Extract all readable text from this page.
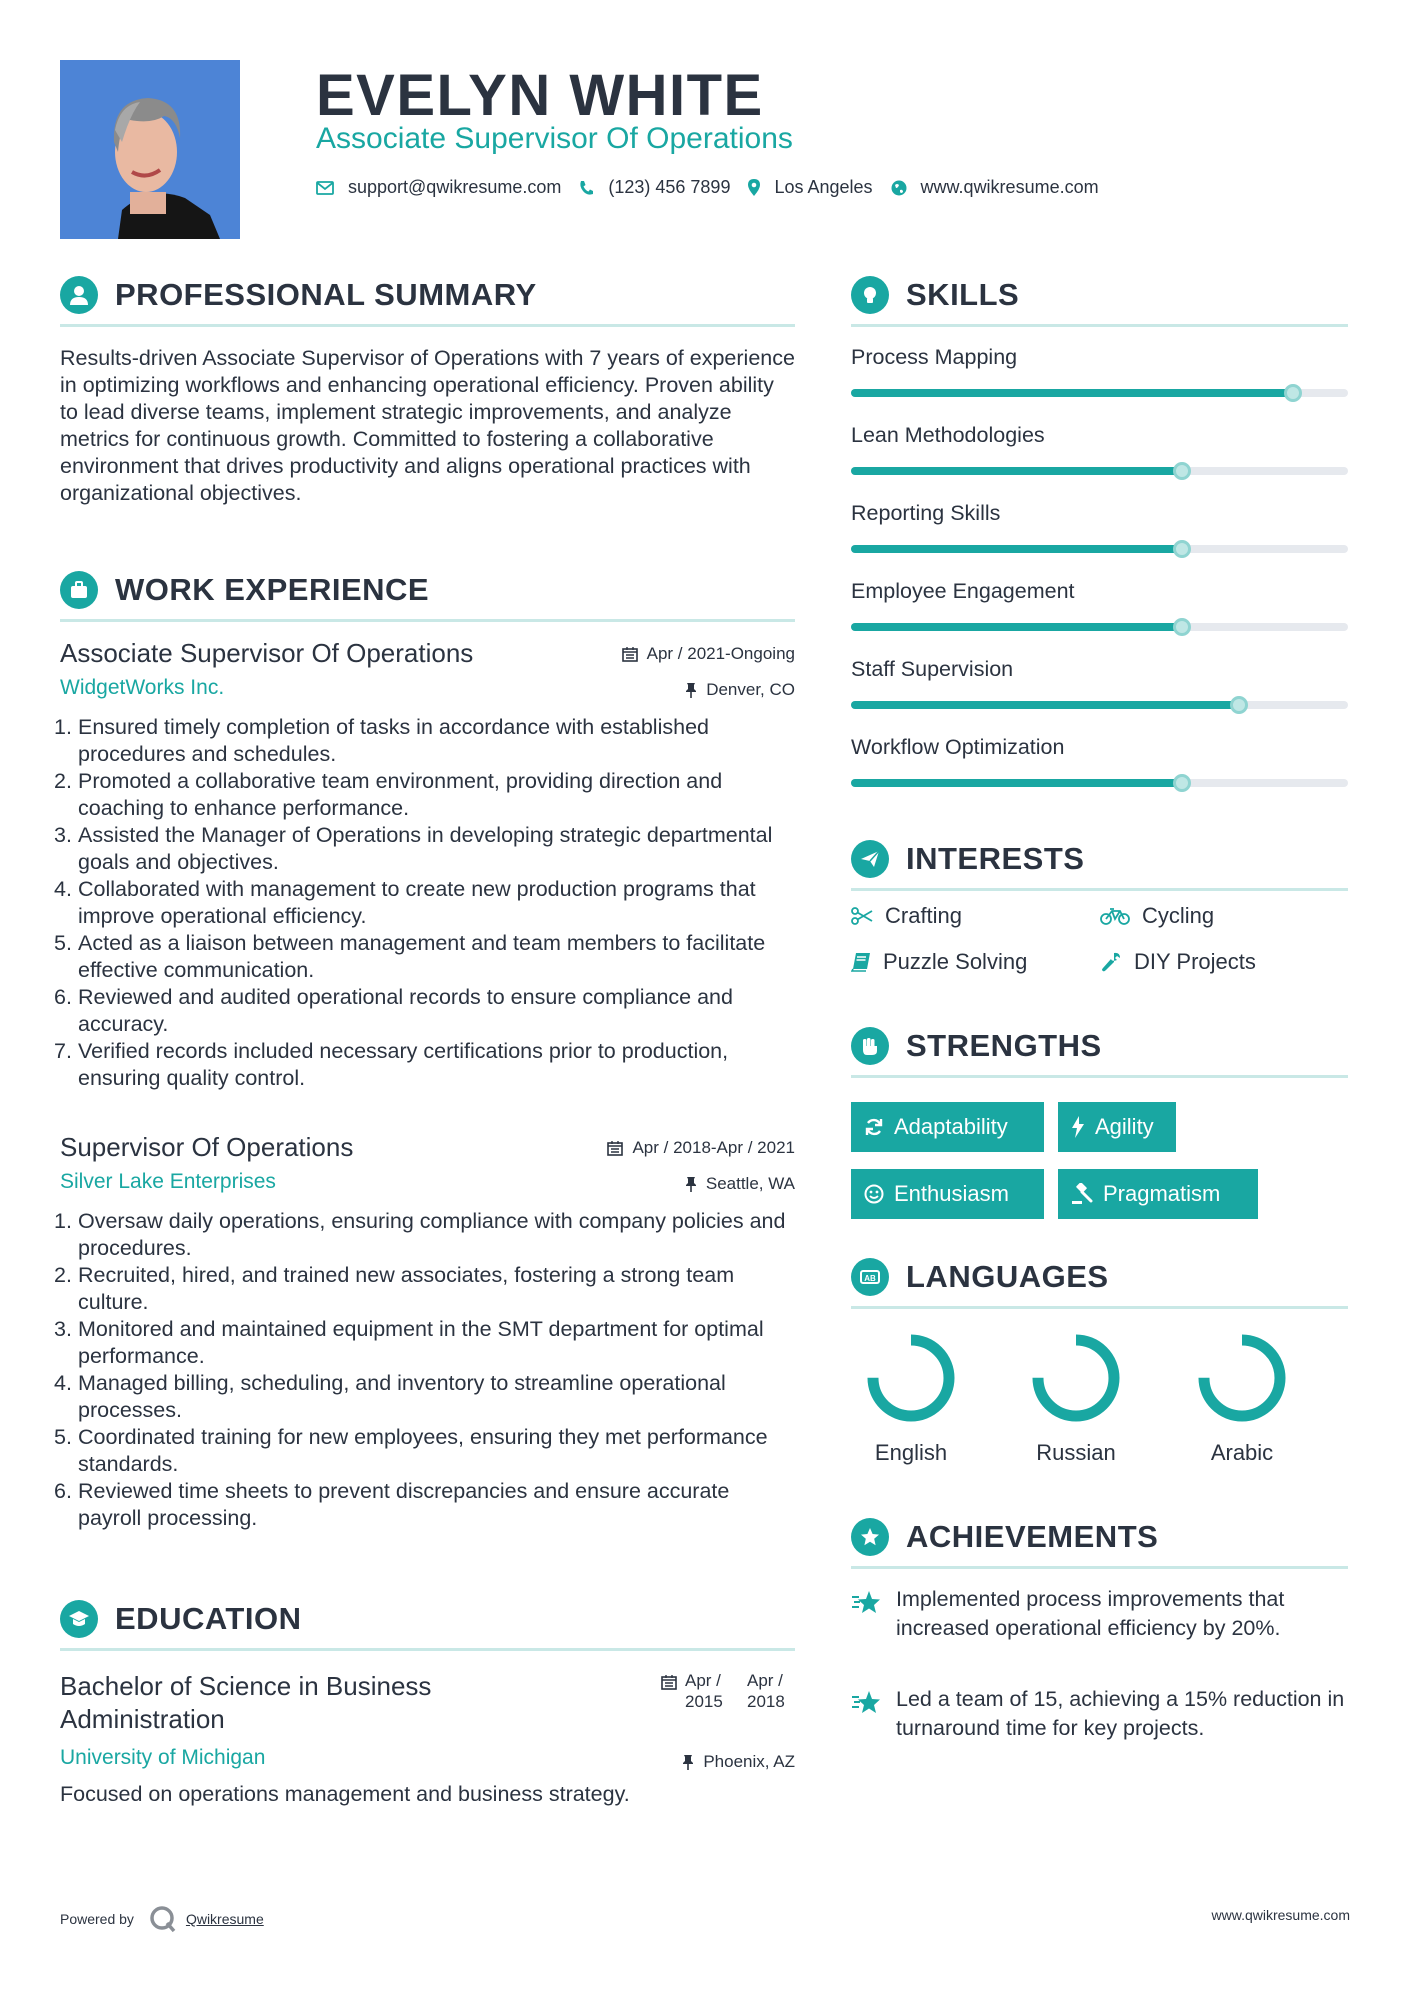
EVELYN WHITE
Associate Supervisor Of Operations
support@qwikresume.com	(123) 456 7899 Los Angeles	www.qwikresume.com
PROFESSIONAL SUMMARY
Results-driven Associate Supervisor of Operations with 7 years of experience in optimizing workflows and enhancing operational efficiency. Proven ability to lead diverse teams, implement strategic improvements, and analyze metrics for continuous growth. Committed to fostering a collaborative environment that drives productivity and aligns operational practices with organizational objectives.
WORK EXPERIENCE
Associate Supervisor Of Operations
WidgetWorks Inc.
Apr / 2021-Ongoing
Denver, CO
1. Ensured timely completion of tasks in accordance with established procedures and schedules.
2. Promoted a collaborative team environment, providing direction and coaching to enhance performance.
3. Assisted the Manager of Operations in developing strategic departmental goals and objectives.
4. Collaborated with management to create new production programs that improve operational efficiency.
5. Acted as a liaison between management and team members to facilitate effective communication.
6. Reviewed and audited operational records to ensure compliance and accuracy.
7. Verified records included necessary certifications prior to production, ensuring quality control.
Supervisor Of Operations
Silver Lake Enterprises
Apr / 2018-Apr / 2021
Seattle, WA
1. Oversaw daily operations, ensuring compliance with company policies and procedures.
2. Recruited, hired, and trained new associates, fostering a strong team culture.
3. Monitored and maintained equipment in the SMT department for optimal performance.
4. Managed billing, scheduling, and inventory to streamline operational processes.
5. Coordinated training for new employees, ensuring they met performance standards.
6. Reviewed time sheets to prevent discrepancies and ensure accurate payroll processing.
EDUCATION
Bachelor of Science in Business Administration
University of Michigan
Apr / 2015
Apr / 2018
Phoenix, AZ
Focused on operations management and business strategy.
SKILLS
Process Mapping
Lean Methodologies
Reporting Skills
Employee Engagement
Staff Supervision
Workflow Optimization
INTERESTS
Crafting	Cycling
Puzzle Solving	DIY Projects
STRENGTHS
Adaptability	Agility
Enthusiasm	Pragmatism
AB LANGUAGES
English	Russian	Arabic
ACHIEVEMENTS
Implemented process improvements that increased operational efficiency by 20%.
Led a team of 15, achieving a 15% reduction in turnaround time for key projects.
Powered by	Qwikresume	www.qwikresume.com
